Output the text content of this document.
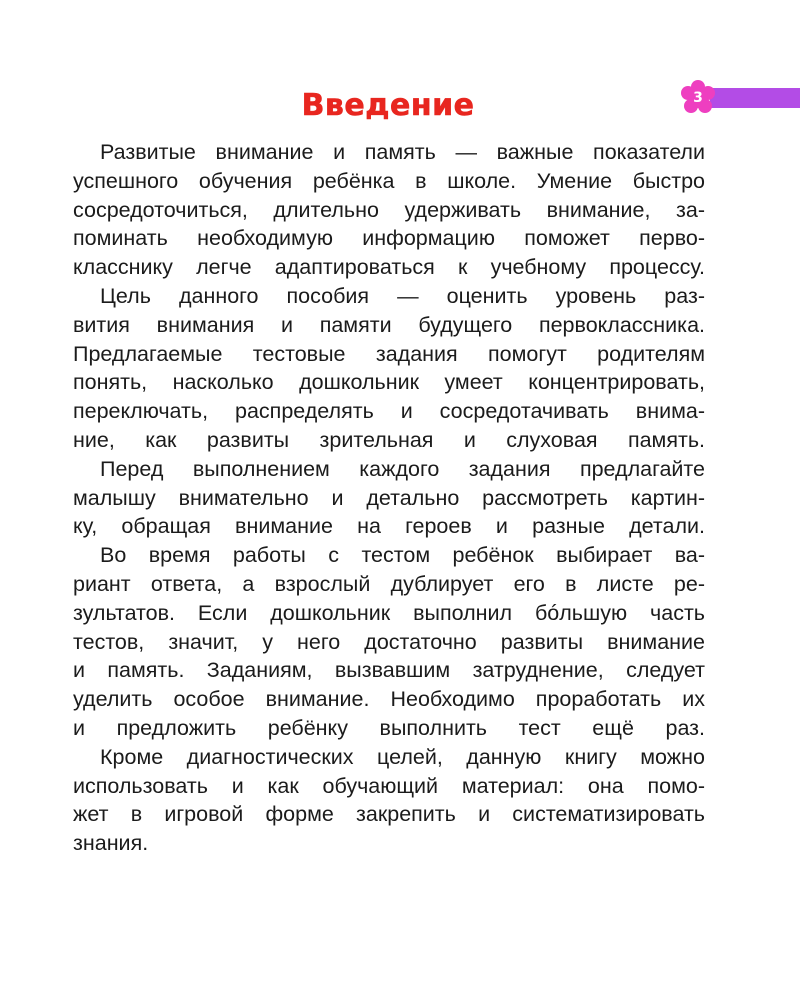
3
Введение

Развитые внимание и память — важные показатели
успешного обучения ребёнка в школе. Умение быстро
сосредоточиться, длительно удерживать внимание, за-
поминать необходимую информацию поможет перво-
класснику легче адаптироваться к учебному процессу.

Цель данного пособия — оценить уровень раз-
вития внимания и памяти будущего первоклассника.
Предлагаемые тестовые задания помогут родителям
понять, насколько дошкольник умеет концентрировать,
переключать, распределять и сосредотачивать внима-
ние, как развиты зрительная и слуховая память.

Перед выполнением каждого задания предлагайте
малышу внимательно и детально рассмотреть картин-
ку, обращая внимание на героев и разные детали.

Во время работы с тестом ребёнок выбирает ва-
риант ответа, а взрослый дублирует его в листе ре-
зультатов. Если дошкольник выполнил бóльшую часть
тестов, значит, у него достаточно развиты внимание
и память. Заданиям, вызвавшим затруднение, следует
уделить особое внимание. Необходимо проработать их
и предложить ребёнку выполнить тест ещё раз.

Кроме диагностических целей, данную книгу можно
использовать и как обучающий материал: она помо-
жет в игровой форме закрепить и систематизировать
знания.
